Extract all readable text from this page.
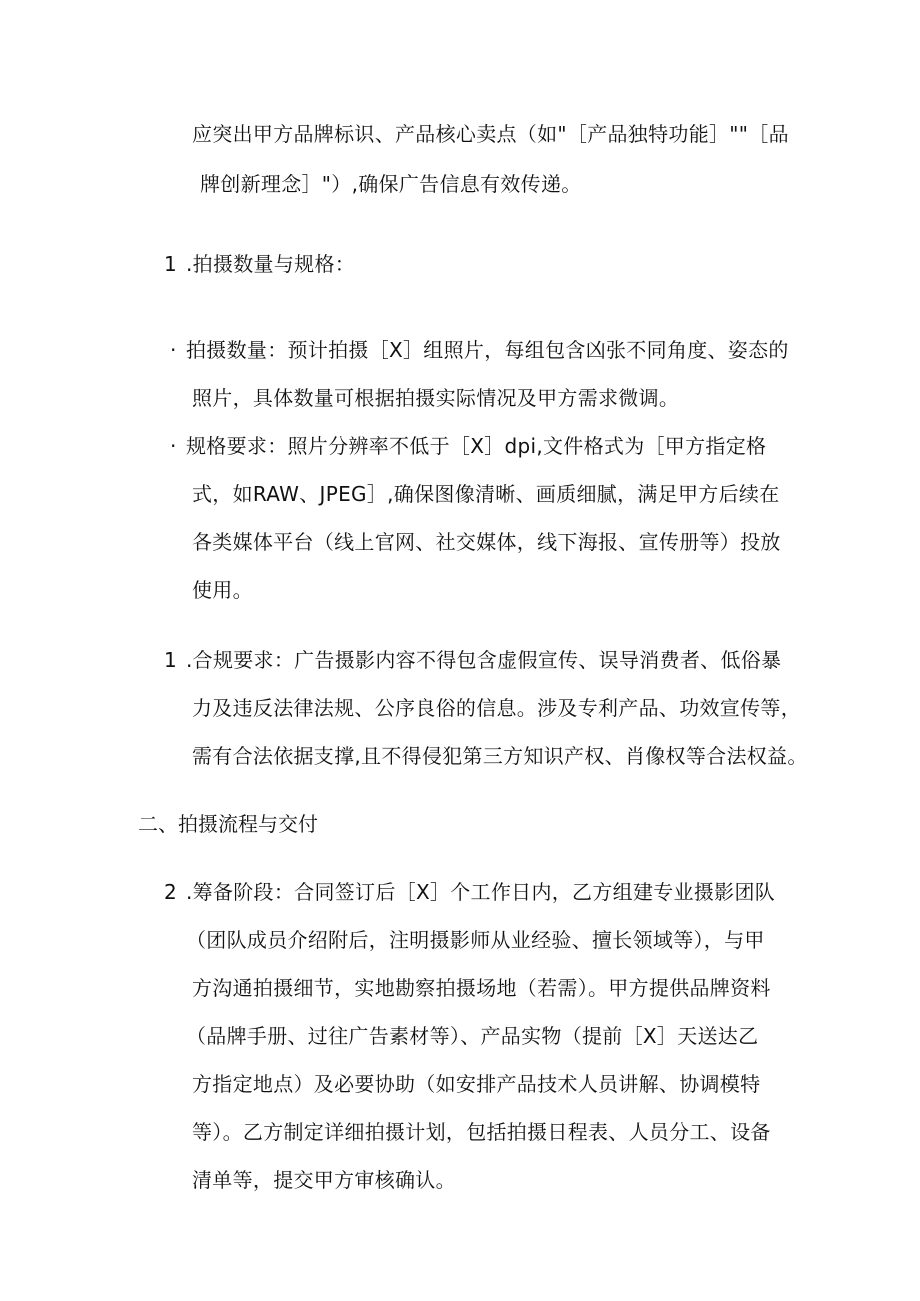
应突出甲方品牌标识、产品核心卖点（如"［产品独特功能］""［品
牌创新理念］"）,确保广告信息有效传递。
1 .拍摄数量与规格：
· 拍摄数量：预计拍摄［X］组照片，每组包含凶张不同角度、姿态的
照片，具体数量可根据拍摄实际情况及甲方需求微调。
· 规格要求：照片分辨率不低于［X］dpi,文件格式为［甲方指定格
式，如RAW、JPEG］,确保图像清晰、画质细腻，满足甲方后续在
各类媒体平台（线上官网、社交媒体，线下海报、宣传册等）投放
使用。
1 .合规要求：广告摄影内容不得包含虚假宣传、误导消费者、低俗暴
力及违反法律法规、公序良俗的信息。涉及专利产品、功效宣传等，
需有合法依据支撑,且不得侵犯第三方知识产权、肖像权等合法权益。
二、拍摄流程与交付
2 .筹备阶段：合同签订后［X］个工作日内，乙方组建专业摄影团队
（团队成员介绍附后，注明摄影师从业经验、擅长领域等），与甲
方沟通拍摄细节，实地勘察拍摄场地（若需）。甲方提供品牌资料
（品牌手册、过往广告素材等）、产品实物（提前［X］天送达乙
方指定地点）及必要协助（如安排产品技术人员讲解、协调模特
等）。乙方制定详细拍摄计划，包括拍摄日程表、人员分工、设备
清单等，提交甲方审核确认。
